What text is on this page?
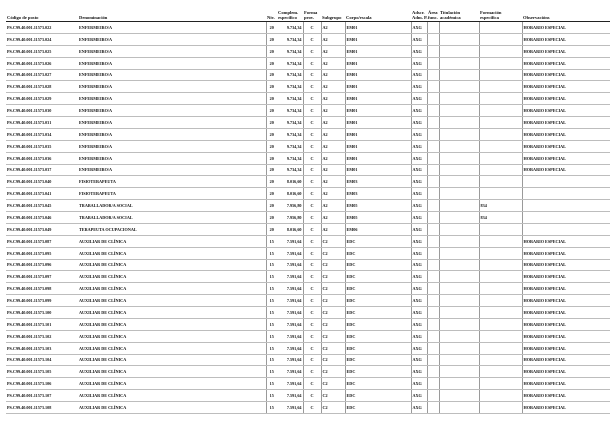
Código de posto	Denominación	Niv.	Complem.
específico	Forma
prov.	Subgrupo	Corpo/escala	Adscr.
Adm. P.	Área
func.	Titulación
académica	Formación
específica	Observacións
PS.C99.40.001.11573.022	ENFERMEIRO/A	20	9.734,34	C	A2	EM01	AXG				HORARIO ESPECIAL
PS.C99.40.001.11573.024	ENFERMEIRO/A	20	9.734,34	C	A2	EM01	AXG				HORARIO ESPECIAL
PS.C99.40.001.11573.025	ENFERMEIRO/A	20	9.734,34	C	A2	EM01	AXG				HORARIO ESPECIAL
PS.C99.40.001.11573.026	ENFERMEIRO/A	20	9.734,34	C	A2	EM01	AXG				HORARIO ESPECIAL
PS.C99.40.001.11573.027	ENFERMEIRO/A	20	9.734,34	C	A2	EM01	AXG				HORARIO ESPECIAL
PS.C99.40.001.11573.028	ENFERMEIRO/A	20	9.734,34	C	A2	EM01	AXG				HORARIO ESPECIAL
PS.C99.40.001.11573.029	ENFERMEIRO/A	20	9.734,34	C	A2	EM01	AXG				HORARIO ESPECIAL
PS.C99.40.001.11573.030	ENFERMEIRO/A	20	9.734,34	C	A2	EM01	AXG				HORARIO ESPECIAL
PS.C99.40.001.11573.031	ENFERMEIRO/A	20	9.734,34	C	A2	EM01	AXG				HORARIO ESPECIAL
PS.C99.40.001.11573.034	ENFERMEIRO/A	20	9.734,34	C	A2	EM01	AXG				HORARIO ESPECIAL
PS.C99.40.001.11573.035	ENFERMEIRO/A	20	9.734,34	C	A2	EM01	AXG				HORARIO ESPECIAL
PS.C99.40.001.11573.036	ENFERMEIRO/A	20	9.734,34	C	A2	EM01	AXG				HORARIO ESPECIAL
PS.C99.40.001.11573.037	ENFERMEIRO/A	20	9.734,34	C	A2	EM01	AXG				HORARIO ESPECIAL
PS.C99.40.001.11573.040	FISIOTERAPEUTA	20	8.016,60	C	A2	EM03	AXG				
PS.C99.40.001.11573.041	FISIOTERAPEUTA	20	8.016,60	C	A2	EM03	AXG				
PS.C99.40.001.11573.045	TRABALLADOR/A SOCIAL	20	7.956,80	C	A2	EM05	AXG			834	
PS.C99.40.001.11573.046	TRABALLADOR/A SOCIAL	20	7.956,80	C	A2	EM05	AXG			834	
PS.C99.40.001.11573.049	TERAPEUTA OCUPACIONAL	20	8.016,60	C	A2	EM06	AXG				
PS.C99.40.001.11573.087	AUXILIAR DE CLÍNICA	15	7.591,64	C	C2	EDC	AXG				HORARIO ESPECIAL
PS.C99.40.001.11573.095	AUXILIAR DE CLÍNICA	15	7.591,64	C	C2	EDC	AXG				HORARIO ESPECIAL
PS.C99.40.001.11573.096	AUXILIAR DE CLÍNICA	15	7.591,64	C	C2	EDC	AXG				HORARIO ESPECIAL
PS.C99.40.001.11573.097	AUXILIAR DE CLÍNICA	15	7.591,64	C	C2	EDC	AXG				HORARIO ESPECIAL
PS.C99.40.001.11573.098	AUXILIAR DE CLÍNICA	15	7.591,64	C	C2	EDC	AXG				HORARIO ESPECIAL
PS.C99.40.001.11573.099	AUXILIAR DE CLÍNICA	15	7.591,64	C	C2	EDC	AXG				HORARIO ESPECIAL
PS.C99.40.001.11573.100	AUXILIAR DE CLÍNICA	15	7.591,64	C	C2	EDC	AXG				HORARIO ESPECIAL
PS.C99.40.001.11573.101	AUXILIAR DE CLÍNICA	15	7.591,64	C	C2	EDC	AXG				HORARIO ESPECIAL
PS.C99.40.001.11573.102	AUXILIAR DE CLÍNICA	15	7.591,64	C	C2	EDC	AXG				HORARIO ESPECIAL
PS.C99.40.001.11573.103	AUXILIAR DE CLÍNICA	15	7.591,64	C	C2	EDC	AXG				HORARIO ESPECIAL
PS.C99.40.001.11573.104	AUXILIAR DE CLÍNICA	15	7.591,64	C	C2	EDC	AXG				HORARIO ESPECIAL
PS.C99.40.001.11573.105	AUXILIAR DE CLÍNICA	15	7.591,64	C	C2	EDC	AXG				HORARIO ESPECIAL
PS.C99.40.001.11573.106	AUXILIAR DE CLÍNICA	15	7.591,64	C	C2	EDC	AXG				HORARIO ESPECIAL
PS.C99.40.001.11573.107	AUXILIAR DE CLÍNICA	15	7.591,64	C	C2	EDC	AXG				HORARIO ESPECIAL
PS.C99.40.001.11573.108	AUXILIAR DE CLÍNICA	15	7.591,64	C	C2	EDC	AXG				HORARIO ESPECIAL
